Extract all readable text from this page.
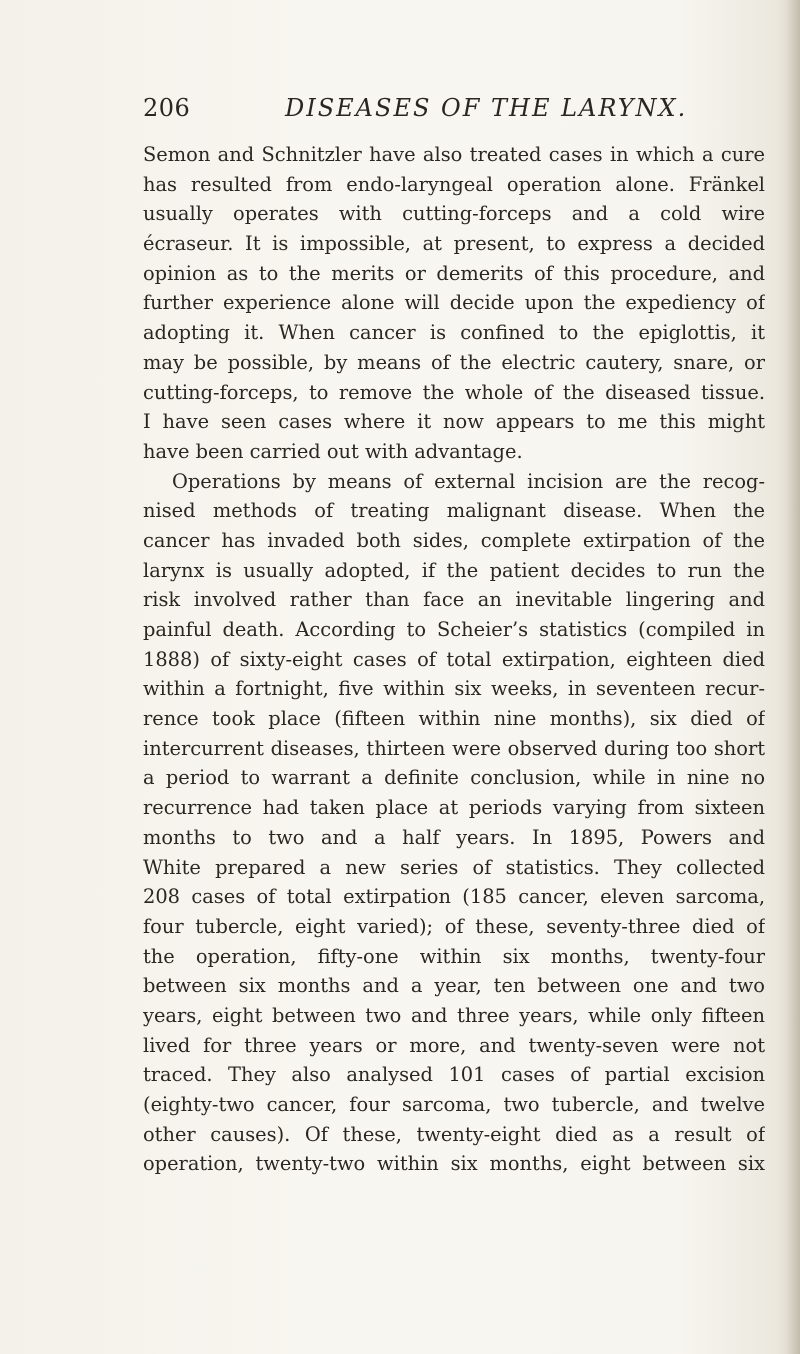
206	DISEASES OF THE LARYNX.
Semon and Schnitzler have also treated cases in which a cure
has resulted from endo-laryngeal operation alone. Fränkel
usually operates with cutting-forceps and a cold wire
écraseur. It is impossible, at present, to express a decided
opinion as to the merits or demerits of this procedure, and
further experience alone will decide upon the expediency of
adopting it. When cancer is confined to the epiglottis, it
may be possible, by means of the electric cautery, snare, or
cutting-forceps, to remove the whole of the diseased tissue.
I have seen cases where it now appears to me this might
have been carried out with advantage.
Operations by means of external incision are the recog-
nised methods of treating malignant disease. When the
cancer has invaded both sides, complete extirpation of the
larynx is usually adopted, if the patient decides to run the
risk involved rather than face an inevitable lingering and
painful death. According to Scheier’s statistics (compiled in
1888) of sixty-eight cases of total extirpation, eighteen died
within a fortnight, five within six weeks, in seventeen recur-
rence took place (fifteen within nine months), six died of
intercurrent diseases, thirteen were observed during too short
a period to warrant a definite conclusion, while in nine no
recurrence had taken place at periods varying from sixteen
months to two and a half years. In 1895, Powers and
White prepared a new series of statistics. They collected
208 cases of total extirpation (185 cancer, eleven sarcoma,
four tubercle, eight varied); of these, seventy-three died of
the operation, fifty-one within six months, twenty-four
between six months and a year, ten between one and two
years, eight between two and three years, while only fifteen
lived for three years or more, and twenty-seven were not
traced. They also analysed 101 cases of partial excision
(eighty-two cancer, four sarcoma, two tubercle, and twelve
other causes). Of these, twenty-eight died as a result of
operation, twenty-two within six months, eight between six
